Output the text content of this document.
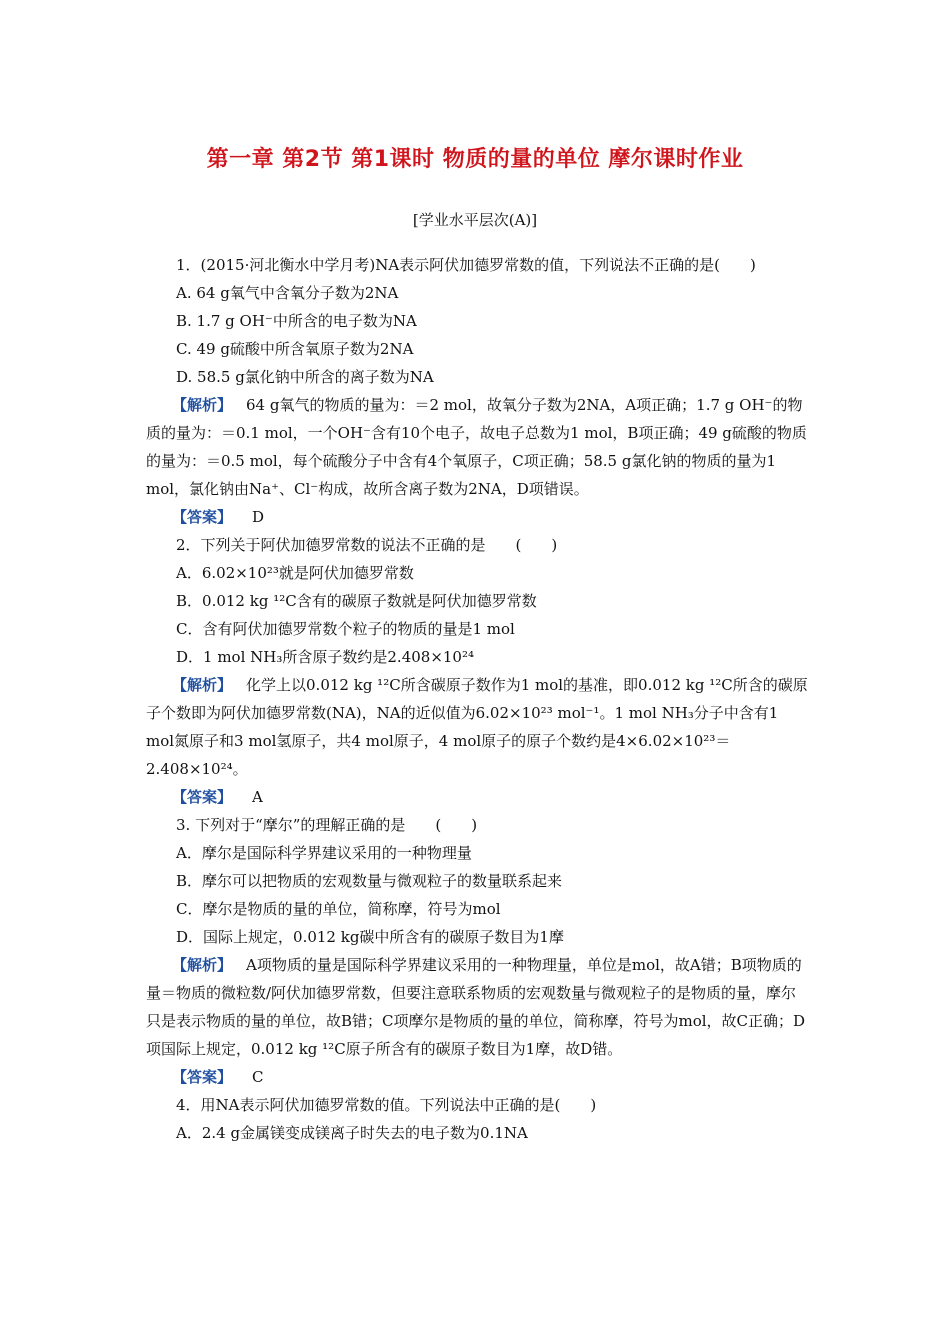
第一章 第2节 第1课时 物质的量的单位 摩尔课时作业
[学业水平层次(A)]

1．(2015·河北衡水中学月考)NA表示阿伏加德罗常数的值，下列说法不正确的是(　　)

A. 64 g氧气中含氧分子数为2NA

B. 1.7 g OH⁻中所含的电子数为NA

C. 49 g硫酸中所含氧原子数为2NA

D. 58.5 g氯化钠中所含的离子数为NA

【解析】 64 g氧气的物质的量为：＝2 mol，故氧分子数为2NA，A项正确；1.7 g OH⁻的物质的量为：＝0.1 mol，一个OH⁻含有10个电子，故电子总数为1 mol，B项正确；49 g硫酸的物质的量为：＝0.5 mol，每个硫酸分子中含有4个氧原子，C项正确；58.5 g氯化钠的物质的量为1 mol，氯化钠由Na⁺、Cl⁻构成，故所含离子数为2NA，D项错误。

【答案】 D

2．下列关于阿伏加德罗常数的说法不正确的是　　(　　)

A．6.02×10²³就是阿伏加德罗常数

B．0.012 kg ¹²C含有的碳原子数就是阿伏加德罗常数

C．含有阿伏加德罗常数个粒子的物质的量是1 mol

D．1 mol NH₃所含原子数约是2.408×10²⁴

【解析】 化学上以0.012 kg ¹²C所含碳原子数作为1 mol的基准，即0.012 kg ¹²C所含的碳原子个数即为阿伏加德罗常数(NA)，NA的近似值为6.02×10²³ mol⁻¹。1 mol NH₃分子中含有1 mol氮原子和3 mol氢原子，共4 mol原子，4 mol原子的原子个数约是4×6.02×10²³＝2.408×10²⁴。

【答案】 A

3. 下列对于“摩尔”的理解正确的是　　(　　)

A．摩尔是国际科学界建议采用的一种物理量

B．摩尔可以把物质的宏观数量与微观粒子的数量联系起来

C．摩尔是物质的量的单位，简称摩，符号为mol

D．国际上规定，0.012 kg碳中所含有的碳原子数目为1摩

【解析】 A项物质的量是国际科学界建议采用的一种物理量，单位是mol，故A错；B项物质的量＝物质的微粒数/阿伏加德罗常数，但要注意联系物质的宏观数量与微观粒子的是物质的量，摩尔只是表示物质的量的单位，故B错；C项摩尔是物质的量的单位，简称摩，符号为mol，故C正确；D项国际上规定，0.012 kg ¹²C原子所含有的碳原子数目为1摩，故D错。

【答案】 C

4．用NA表示阿伏加德罗常数的值。下列说法中正确的是(　　)

A．2.4 g金属镁变成镁离子时失去的电子数为0.1NA
